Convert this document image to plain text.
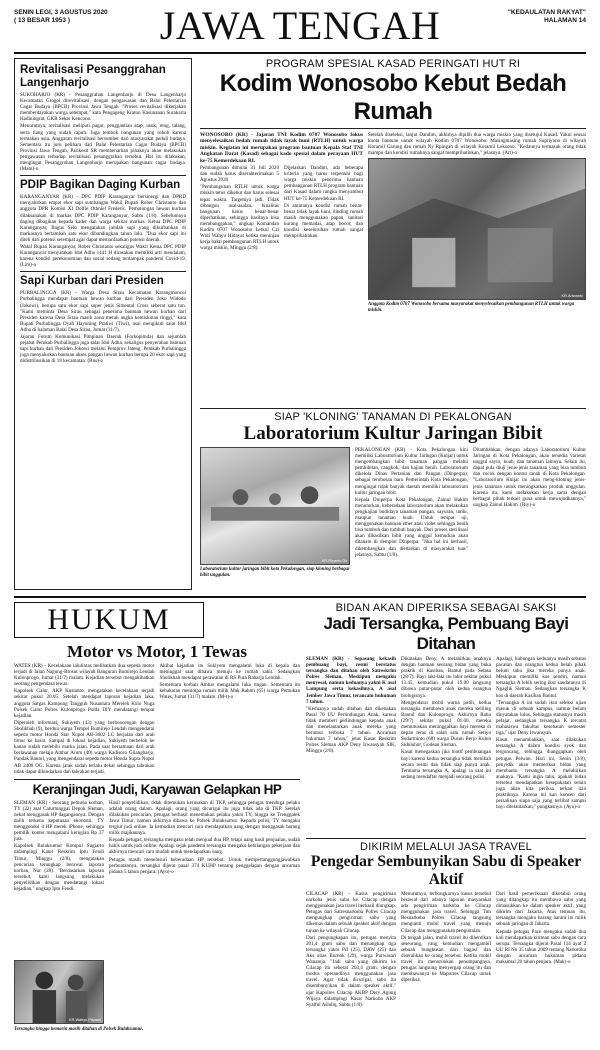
SENIN LEGI, 3 AGUSTUS 2020
( 13 BESAR 1953 )	JAWA TENGAH	"KEDAULATAN RAKYAT"
HALAMAN 14
Revitalisasi Pesanggrahan Langenharjo

SUKOHARJO (KR) - Pesanggrahan Langenharjo di Desa Langenharjo Kecamatan Grogol direvitalisasi, dengan pengawasan dan Balai Pelestarian Cagar Budaya (BPCB) Provinsi Jawa Tengah. "Proses revitalisasi dikerjakan memberdayakan warga setempat," kata Pengageng Kraton Kasunanan Surakarta Hadiningrat, GKR Sekar Kencono.

Menurutnya, revitalisasi meliputi pagar, penggantian atap, usuk, reng, talang, serta tiang yang sudah rapuh. Juga tembok bangunan yang roboh karena termakan usia. Anggaran revitalisasi bersumber dari masyarakat peduli budaya. Sementara itu juru pelihara dari Balai Pelestarian Cagar Budaya (BPCB) Provinsi Jawa Tengah, Parikesit SR membenarkan pihaknya akan melakukan pengawasan terhadap revitalisasi pesanggrahan tersebut. Hal itu dilakukan, mengingat Pesanggrahan Langenharjo merupakan bangunan cagar budaya. (Mam)-o

PDIP Bagikan Daging Kurban

KARANGANYAR (KR) - DPC PDIP Karanganyar bersinergi dan DPRD menyalurkan empat ekor sapi sumbangan Wakil Bupati Rober Christanto dan anggota DPR Komisi XI Dolfie Othniel Frederic. Pemotongan hewan kurban dilaksanakan di markas DPC PDIP Karanganyar, Sabtu (1/8). Sebelumnya daging dibagikan kepada kader dan warga sekitar markas. Ketua DPC PDIP Karanganyar, Bagus Selo mengatakan jumlah sapi yang dikurbankan di markasnya bertambah satu ekor dibandingkan tahun lalu. "Dua ekor sapi ini diteli dari potensi setempat agar dapat memanfaatkan potensi daerah.

Wakil Bupati Karanganyar, Rober Christanto sekaligus Wakil Ketua DPC PDIP Karanganyar menyatakan Idul Adha 1441 H dirasakan memiliki arti mendalam, karena kondisi perekonomian dan sosial sedang terdampak pandemi Covid-19. (Lim)-o

Sapi Kurban dari Presiden

PURBALINGGA (KR) - Warga Desa Sirau Kecamatan Karangmoncol Purbalingga mendapat bantuan hewan kurban dari Presiden Joko Widodo (Jokowi), berupa satu ekor sapi super jenis Simental Cross seberat satu ton. "Kami meminta Desa Sirau sebagai penerima bantuan hewan kurban dari Presiden karena Desa Sirau masih zona merah angka kemiskinan tinggi," kata Bupati Purbalingga Dyah Hayuning Pratiwi (Tiwi), usai mengikuti salat Idul Adha di halaman Balai Desa Sirau, Jumat (31/7).

Jajaran Forum Komunikasi Pimpinan Daerah (Forkopimda) dan sejumlah pejabat Pemkab Purbalingga juga salat Idul Adha, sekaligus penyerahan bantuan sapi kurban dari Presiden Jokowi melalui Pemprov Jateng. Pemkab Purbalingga juga menyalurkan bantuan akses pangan hewan kurban berupa 20 ekor sapi yang didistribusikan di 18 kecamatan. (Rus)-o

PROGRAM SPESIAL KASAD PERINGATI HUT RI
Kodim Wonosobo Kebut Bedah Rumah

WONOSOBO (KR) - Jajaran TNI Kodim 0707 Wonosobo fokus menyelesaikan bedah rumah tidak layak huni (RTLH) untuk warga miskin. Kegiatan ini merupakan program bantuan Kepala Staf TNI Angkatan Darat (Kasad) sebagai kado spesial dalam perayaan HUT ke-75 Kemerdekaan RI.

Pembangunan dimulai 31 Juli 2020 dan sudah harus diserahterimakan 5 Agustus 2020

"Pembangunan RTLH untuk warga miskin terus dikebut dan harus selesai tepat waktu. Targetnya jadi. Tidak dibangun asal-asalan. Kualitas bangunan harus benar-benar diperhatikan, sehingga hasilnya bisa membanggakan," ungkap Komandan Kodim 0707 Wonosobo Letkol Czi Widi Wahyu Hidayat ketika meninjau kerja bakti pembangunan RTLH untuk warga miskin, Minggu (2/8).

Dijelaskan Dandim, ada beberapa kriteria yang harus terpenuhi bagi warga miskin penerima bantuan pembangunan RTLH program bantuan dari Kasad dalam rangka menyambut HUT ke-75 Kemerdekaan RI.

Di antaranya kondisi rumah benar-benar tidak layak huni, dinding rumah masih menggunakan papan, sanitasi kurang memadai, atap bocor, dan kondisi keseluruhan rumah sangat memprihatinkan.

Setelah diseleksi, lanjut Dandim, akhirnya dipilih dua warga miskin yang disetujui Kasad. Yakni seusai kuota bantuan untuk wilayah Kodim 0707 Wonosobo. Masingmasing rumah Supriyono di wilayah Koramil Garung dan rumah Ny Rpingah di wilayah Koramil Leksono. "Kedaunya termasuk orang tidak mampu dan kondisi rumahnya sangat memprihatinkan," jelasnya. (Art)-o

KR-Artwanto
Anggota Kodim 0707 Wonosobo bersama masyarakat menyelesaikan pembangunan RTLH untuk warga miskin.
SIAP 'KLONING' TANAMAN DI PEKALONGAN
Laboratorium Kultur Jaringan Bibit
KR-Riyanto Dk
Laboratorium kultur jaringan bibit kota Pekalongan, siap kloning berbagai bibit unggulan.

PEKALONGAN (KR) - Kota Pekalongan kini memiliki Laboratorium Kultur Jaringan (Kuljar) untuk mengembangkan bibit tanaman pangan melalui pembibitan, cangkok, dan kajian benih. Laboratorium dikelola Dinas Pertanian dan Pangan (Dinperpa), sebagai terobosan baru Pemerintah Kota Pekalongan, mengingat tidak banyak daerah memiliki laboratorium kultur jaringan bibit.

Kepala Dinperpa Kota Pekalongan, Zainul Hakim menuturkan, keberadaan laboratorium akan melakukan pengkajian budidaya tanaman pangan, sayuran, umbi, maupun tanaman buah. Untuk tempat uji, menggunakan bantuan ether atau violet sehingga benih bisa tumbuh dan tumbuh banyak. Dari proses sterilisasi akan dihasilkan bibit yang unggul kemudian akan ditanam di demplot Dinperpa. "Jika hal ini berhasil, dikembangkan dan diedarkan di masyarakat luas" jelasnya, Sabtu (1/8).

Ditambahkan, dengan adanya Laboratorium Kultur Jaringan di Kota Pekalongan, akan tersedia varietas unggul sayur, buah, dan tanaman lainnya. Selain itu, dapat pula diuji jenis-jenis tanaman yang bisa tumbuh dan cocok dengan kontur tanah di Kota Pekalongan. "Laboratorium Kuljar ini akan meng-kloning jenis-jenis tanaman untuk meningkatkan produk unggulan. Karena itu, kami melakukan kerja sama dengan berbagai pihak terkait guna untuk mewujudkannya," ungkap Zainul Hakim. (Riy)-o

HUKUM
Motor vs Motor, 1 Tewas

WATES (KR) - Kecelakaan lalulintas melibatkan dua sepeda motor terjadi di Jalan Nagung-Brosot wilayah Banguran Bumirejo Lendah Kulonprogo, Jumat (31/7) malam. Kejadian tersebut mengakibatkan seorang pengendara tewas.

Kapolsek Galur, AKP Kustanto, mengatakan kecelakaan terjadi sekitar pukul 20.05. Setelah mendapat laporan kejadian laka, anggota Satgas Kampung Tangguh Nusantara Mereleh Kulo Nuga Polsek Galur Polres Kulonprogo Polda DIY mendatangi tempat kejadian.

Diperoleh informasi, Sukiyem (43) yang berboncengan dengan Sholikhah (9), berdua warga Tempel Bumirejo Lendah mengendarai sepeda motor Honda Star Nopol AB-3602 LC berjalan dari arah timur ke barat. Sampai di lokasi kejadian, Sukiyem berbelok ke kanan sudah melebihi marka jalan. Pada saat bersamaan dari arah berlawanan melaju Ambar Arum (40) warga Kadisoro Gilangharjo, Pandak Bantul, yang mengendarai sepeda motor Honda Supra Nopol AB 2408 OG. Karena jarak sudah terlalu dekat sehingga tabrakan tidak dapat dihindarkan dan tabrakan terjadi.

Akibat kejadian itu Sukiyem mengalami luka di kepala dan meninggal saat dibawa menuju ke rumah sakit. Sedangkan Sholikhah mendapat perawatan di RS Pura Raharja Lendah.

Sementara korban Ambar mengalami luka ringan. Sementara itu kebakaran menimpa rumah milik Mak Rahmi (65) warga Pemukan Wates, Jumat (31/7) malam. (M-t)-o

Keranjingan Judi, Karyawan Gelapkan HP

SLEMAN (KR) - Seorang pemuda korban, TY (22) asal Caturtunggal Depok Sleman, nekat menggasak HP dagangannya. Dengan dalih terkena keputusan ekonomi, TY menggondol 4 HP merek iPhone, sehingga pemilik konter mengalami kerugian Rp 37 juta.

Kapolsek Bulaksumur Kompol Sugiarto didampingi Kanit Reskrim Iptu Fendi Timur, Minggu (2/8), mengatakan pencurian terungkap berawal laporan korban, Nur (28). "Berdasarkan laporan tersebut, kami langsung melakukan penyelidikan dengan mendatangi lokasi kejadian," ungkap Iptu Fendi.

Hasil penyelidikan, tidak ditemukan kerusakan di TKP, sehingga petugas menduga pelaku adalah orang dalam. Apalagi, orang yang dicurigai itu juga tidak ada di TKP. Setelah dilakukan pencarian, petugas berhasil menemukan pelaku yakni TY, hingga ke Trenggalek Jawa Timur, namun akhirnya dibawa ke Polsek Bulaksumur. Kepada polisi, TY mengaku tergiur judi online. Ia kemudian mencari cara mendapatkan uang dengan menggasak barang milik majikannya.

Kepada petugas, tersangka mengaku telah menjual dua HP, tetapi uang hasil penjualan, sudah habis untuk judi online. Apalagi sejak pandemi tersangka mengaku kehilangan pekerjaan dan akhirnya mencari cara mudah untuk mendapatkan uang.

Petugas masih menelusuri keberadaan HP tersebut. Untuk mempertanggungjawabkan perbuatannya, tersangka dijerat pasal 374 KUHP tentang penggelapan dengan ancaman pidana 5 tahun penjara. (Ayu)-o

KR-Wahyu Priyanti
Tersangka hingga kemarin masih ditahan di Polsek Bulaksumur.
BIDAN AKAN DIPERIKSA SEBAGAI SAKSI
Jadi Tersangka, Pembuang Bayi Ditahan

SLEMAN (KR) - Sepasang kekasih pembuang bayi, resmi berstatus tersangka dan ditahan oleh Satreskrim Polres Sleman. Meskipun mengaku menyesal, namun keduanya yakni K asal Lampung serta kekasihnya, A asal Jember Jawa Timur, terancam hukuman 7 tahun.

"Keduanya sudah ditahan dan dikenakan Pasal 76 UU Perlindungan Anak, karena tidak memberi perlindungan kepada anak dan menelantarkan anak mereka yang berumur terbuka 7 tahun. Ancaman hukuman 7 tahun," jelas Kasat Reskrim Polres Sleman AKP Deny Irwansyah SIK, Minggu (2/8).

Dikatakan Deny, A melahirkan anaknya dengan bantuan seorang bidan yang buka praktik di Kasihan, Bantul pada Selasa (28/7). Bayi laki-laki itu lahir sekitar pukul 13.45, kemudian pukul 19.00 langsung dibawa putar-putar oleh kedua orangtua biologisnya.

Mengendarai mobil warna putih, kedua tersangka membawa anak mereka keliling Bantul dan Kulonprogo. Akhirnya Rabu (29/7) sekitar pukul 01.00, mereka memutuskan meninggalkan bayi mereka di depan teras di salah satu rumah Setiyo Sudarminto (68) warga Dusun Berjo Kulon Sidoluhur, Godean Sleman.

Kasat menegaskan jika motif pembuangan bayi karena kedua tersangka tidak menikah secara resmi dan tidak siap punya anak. Terutama tersangka A, apalagi ia saat ini sedang mendaftar menjadi seorang polisi.

Apalagi, hubungan keduanya masih sebatas pacaran dan orangtua kedua belah pihak belum tahu jika mereka punya anak. Meskipun memiliki kos sendiri, namun tersangka A lebih sering ikut saudaranya di Ngaglik Sleman. Sedangkan tersangka K kos di daerah Kasihan Bantul.

"Tersangka A ini sudah ikut seleksi ujian masuk di sebuah kampus, namun belum dinyatakan lulus. Sehingga statusnya masih pelajar, sedangkan tersangka K tercatat mahasiswa fakultas kesehatan semester tiga," ujar Deny Irwansyah.

Kasat menambahkan, saat dilakukan tersangka A dalam kondisi syok dan terguncang, sehingga dianggapkan oleh petugas Pelwan. Hari ini, Senin (3/8), penyidik akan memeriksa bidan yang membantu tersangka A melahirkan anaknya. "Kami ingin tahu, apakah bidan tersebut mendapatkan kesepakatan selain juga akan kita periksa terkait izin praktiknya. Karena ini kan konsen dari persalinan siapa saja yang terlibat sampai bayi ditelantarkan," pungkasnya. (Ayu)-o

DIKIRIM MELALUI JASA TRAVEL
Pengedar Sembunyikan Sabu di Speaker Aktif

CILACAP (KR) - Kasus pengiriman narkoba jenis sabu ke Cilacap dengan menggunakan jasa travel berhasil diungkap. Petugas dari Satresnarkoba Polres Cilacap mengungkap pengiriman sabu yang dikemas dalam sebuah speaker aktif dengan tujuan ke wilayah Cilacap.

Dari pengungkapan itu, petugas menyita 201,4 gram sabu dan menangkap tiga tersangka yakni Pcl (25), DAW (25) dan Aks alias Burnok (29), warga Purwasari Wanareja. "Jadi sabu yang dikirim ke Cilacap itu seberat 203,4 gram, dengan modus operandinya menggunakan jasa travel. Agar tidak dicurigai, sabu itu disembunyikan di dalam speaker aktif," ujar Kapolres Cilacap AKBP Dery Agung Wijaya didampingi Kasat Narkoba AKP Syaiful Ashdiq, Sabtu (1/8).

Menurutnya, terbongkarnya kasus tersebut berawal dari adanya laporan masyarakat ada pengiriman narkoba ke Cilacap menggunakan jasa travel. Sehingga Tim Resnarkoba Polres Cilacap langsung menguntit mobil travel yang menuju Cilacap dan menggunakan pengintaian.

Di tengah jalan, mobil travel itu dihentikan seseorang, yang kemudian mengambil sebuah bungkusan dari bagasi dan diserahkan ke orang tersebut. Ketika mobil travel itu menurunkan penumpangnya, petugas langsung menyergap orang itu dan membawanya ke Mapolres Cilacap untuk diperiksa.

Dari hasil pemeriksaan diketahui orang yang ditangkap itu membawa sabu yang dimasukkan ke dalam speaker aktif, yang dikirim dari Jakarta. Atas temuan itu, tersangka mengaku barang haram itu milik sebuah jaringan di Jakarta.

Kepada petugas Pace mengaku sudah dua kali mendapatkan kiriman sabu dengan cara serupa. Tersangka dijerat Pasal 114 ayat 2 UU RI No 35 tahun 2009 tentang Narkotika dengan ancaman hukuman pidana maksimal 20 tahun penjara. (Mak)-o
